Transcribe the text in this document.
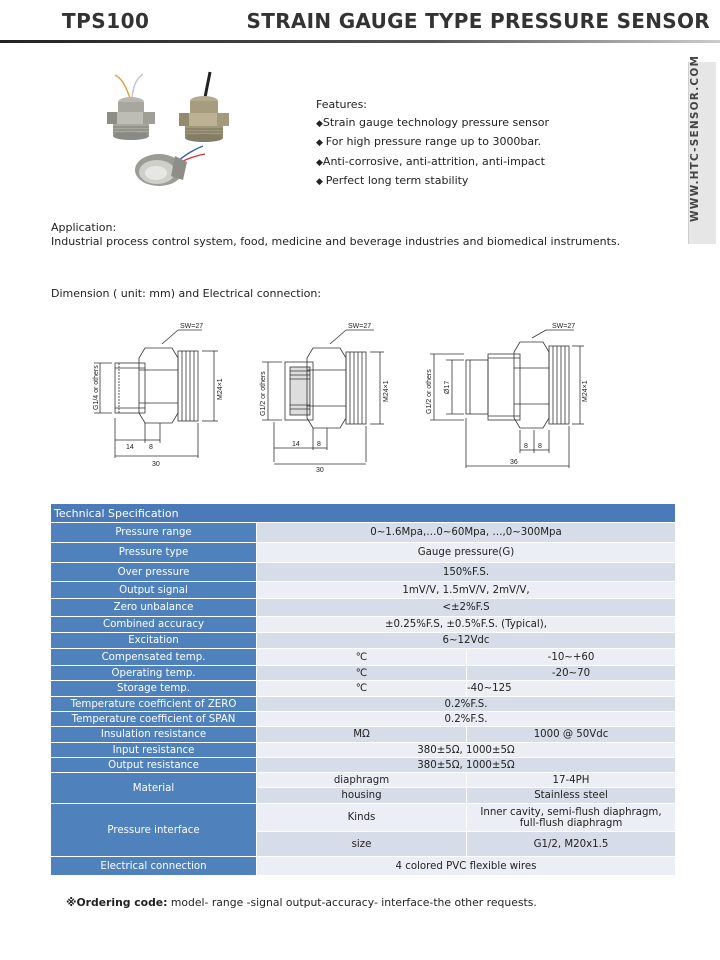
TPS100	STRAIN GAUGE TYPE PRESSURE SENSOR
WWW.HTC-SENSOR.COM
Features:
◆Strain gauge technology pressure sensor
◆ For high pressure range up to 3000bar.
◆Anti-corrosive, anti-attrition, anti-impact
◆ Perfect long term stability
Application:
Industrial process control system, food, medicine and beverage industries and biomedical instruments.
Dimension ( unit: mm) and Electrical connection:
SW=27
14 8
30
G1/4 or others	M24×1
SW=27
14 8
30
G1/2 or others	M24×1
SW=27
8 8
36
G1/2 or others Ø17	M24×1
Technical Specification		
Pressure range	0~1.6Mpa,…0~60Mpa, …,0~300Mpa	
Pressure type	Gauge pressure(G)	
Over pressure	150%F.S.	
Output signal	1mV/V, 1.5mV/V, 2mV/V,	
Zero unbalance	<±2%F.S	
Combined accuracy	±0.25%F.S, ±0.5%F.S. (Typical),	
Excitation	6~12Vdc	
Compensated temp.	℃	-10~+60
Operating temp.	℃	-20~70
Storage temp.	℃	-40~125
Temperature coefficient of ZERO	0.2%F.S.	
Temperature coefficient of SPAN	0.2%F.S.	
Insulation resistance	MΩ	1000 @ 50Vdc
Input resistance	380±5Ω, 1000±5Ω	
Output resistance	380±5Ω, 1000±5Ω	
Material	diaphragm	17-4PH
	housing	Stainless steel
Pressure interface	Kinds	Inner cavity, semi-flush diaphragm, full-flush diaphragm
	size	G1/2, M20x1.5
Electrical connection	4 colored PVC flexible wires	
※Ordering code: model- range -signal output-accuracy- interface-the other requests.
